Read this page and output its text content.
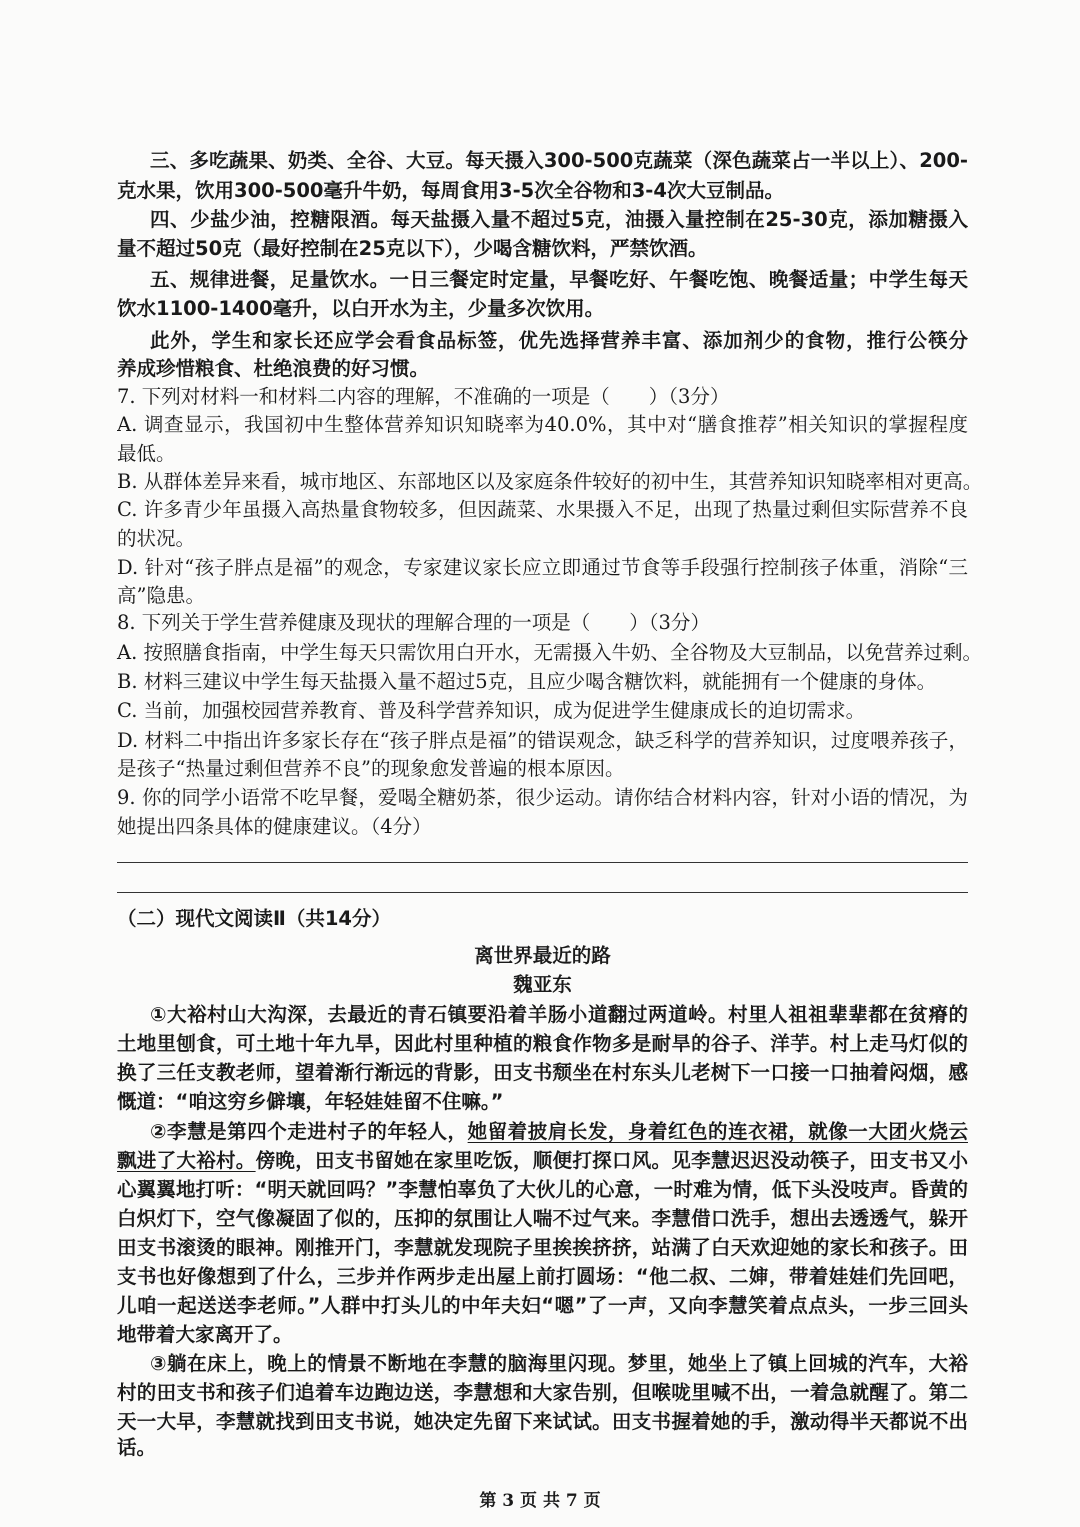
三、多吃蔬果、奶类、全谷、大豆。每天摄入300-500克蔬菜（深色蔬菜占一半以上）、200-
克水果，饮用300-500毫升牛奶，每周食用3-5次全谷物和3-4次大豆制品。
四、少盐少油，控糖限酒。每天盐摄入量不超过5克，油摄入量控制在25-30克，添加糖摄入
量不超过50克（最好控制在25克以下），少喝含糖饮料，严禁饮酒。
五、规律进餐，足量饮水。一日三餐定时定量，早餐吃好、午餐吃饱、晚餐适量；中学生每天
饮水1100-1400毫升，以白开水为主，少量多次饮用。
此外，学生和家长还应学会看食品标签，优先选择营养丰富、添加剂少的食物，推行公筷分
养成珍惜粮食、杜绝浪费的好习惯。
7. 下列对材料一和材料二内容的理解，不准确的一项是（　　）（3分）
A. 调查显示，我国初中生整体营养知识知晓率为40.0%，其中对“膳食推荐”相关知识的掌握程度
最低。
B. 从群体差异来看，城市地区、东部地区以及家庭条件较好的初中生，其营养知识知晓率相对更高。
C. 许多青少年虽摄入高热量食物较多，但因蔬菜、水果摄入不足，出现了热量过剩但实际营养不良
的状况。
D. 针对“孩子胖点是福”的观念，专家建议家长应立即通过节食等手段强行控制孩子体重，消除“三
高”隐患。
8. 下列关于学生营养健康及现状的理解合理的一项是（　　）（3分）
A. 按照膳食指南，中学生每天只需饮用白开水，无需摄入牛奶、全谷物及大豆制品，以免营养过剩。
B. 材料三建议中学生每天盐摄入量不超过5克，且应少喝含糖饮料，就能拥有一个健康的身体。
C. 当前，加强校园营养教育、普及科学营养知识，成为促进学生健康成长的迫切需求。
D. 材料二中指出许多家长存在“孩子胖点是福”的错误观念，缺乏科学的营养知识，过度喂养孩子，
是孩子“热量过剩但营养不良”的现象愈发普遍的根本原因。
9. 你的同学小语常不吃早餐，爱喝全糖奶茶，很少运动。请你结合材料内容，针对小语的情况，为
她提出四条具体的健康建议。（4分）
（二）现代文阅读Ⅱ（共14分）
离世界最近的路
魏亚东
①大裕村山大沟深，去最近的青石镇要沿着羊肠小道翻过两道岭。村里人祖祖辈辈都在贫瘠的
土地里刨食，可土地十年九旱，因此村里种植的粮食作物多是耐旱的谷子、洋芋。村上走马灯似的
换了三任支教老师，望着渐行渐远的背影，田支书颓坐在村东头儿老树下一口接一口抽着闷烟，感
慨道：“咱这穷乡僻壤，年轻娃娃留不住嘛。”
②李慧是第四个走进村子的年轻人，她留着披肩长发，身着红色的连衣裙，就像一大团火烧云
飘进了大裕村。傍晚，田支书留她在家里吃饭，顺便打探口风。见李慧迟迟没动筷子，田支书又小
心翼翼地打听：“明天就回吗？”李慧怕辜负了大伙儿的心意，一时难为情，低下头没吱声。昏黄的
白炽灯下，空气像凝固了似的，压抑的氛围让人喘不过气来。李慧借口洗手，想出去透透气，躲开
田支书滚烫的眼神。刚推开门，李慧就发现院子里挨挨挤挤，站满了白天欢迎她的家长和孩子。田
支书也好像想到了什么，三步并作两步走出屋上前打圆场：“他二叔、二婶，带着娃娃们先回吧，
儿咱一起送送李老师。”人群中打头儿的中年夫妇“嗯”了一声，又向李慧笑着点点头，一步三回头
地带着大家离开了。
③躺在床上，晚上的情景不断地在李慧的脑海里闪现。梦里，她坐上了镇上回城的汽车，大裕
村的田支书和孩子们追着车边跑边送，李慧想和大家告别，但喉咙里喊不出，一着急就醒了。第二
天一大早，李慧就找到田支书说，她决定先留下来试试。田支书握着她的手，激动得半天都说不出
话。
第 3 页 共 7 页
